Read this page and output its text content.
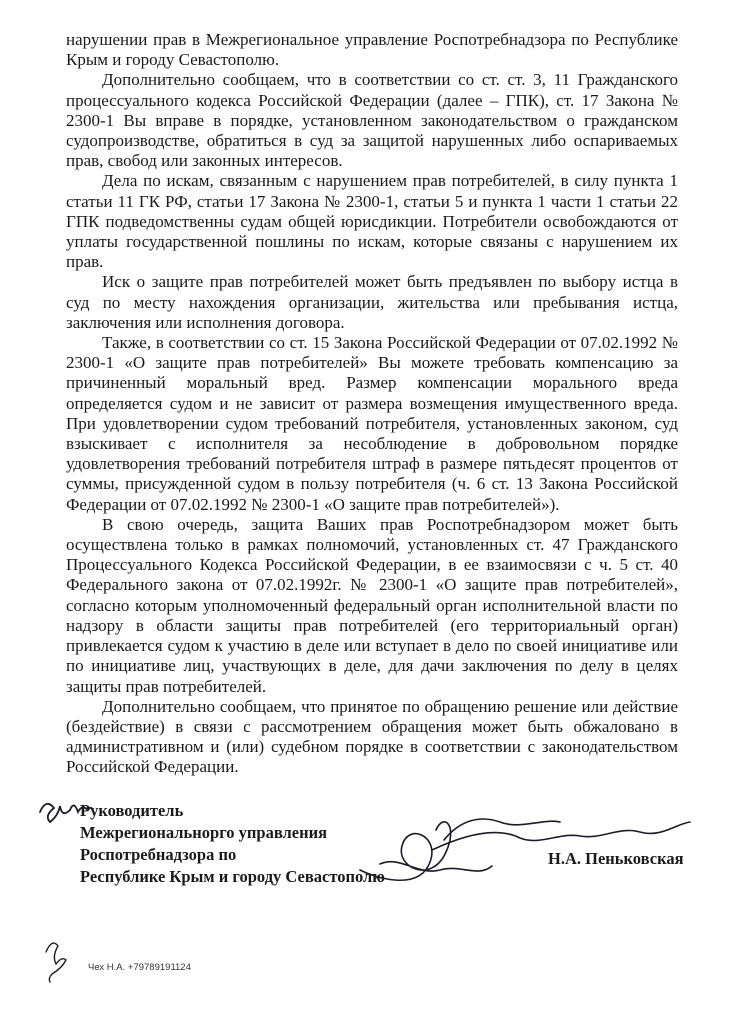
нарушении прав в Межрегиональное управление Роспотребнадзора по Республике Крым и городу Севастополю.

Дополнительно сообщаем, что в соответствии со ст. ст. 3, 11 Гражданского процессуального кодекса Российской Федерации (далее – ГПК), ст. 17 Закона № 2300-1 Вы вправе в порядке, установленном законодательством о гражданском судопроизводстве, обратиться в суд за защитой нарушенных либо оспариваемых прав, свобод или законных интересов.

Дела по искам, связанным с нарушением прав потребителей, в силу пункта 1 статьи 11 ГК РФ, статьи 17 Закона № 2300-1, статьи 5 и пункта 1 части 1 статьи 22 ГПК подведомственны судам общей юрисдикции. Потребители освобождаются от уплаты государственной пошлины по искам, которые связаны с нарушением их прав.

Иск о защите прав потребителей может быть предъявлен по выбору истца в суд по месту нахождения организации, жительства или пребывания истца, заключения или исполнения договора.

Также, в соответствии со ст. 15 Закона Российской Федерации от 07.02.1992 № 2300-1 «О защите прав потребителей» Вы можете требовать компенсацию за причиненный моральный вред. Размер компенсации морального вреда определяется судом и не зависит от размера возмещения имущественного вреда. При удовлетворении судом требований потребителя, установленных законом, суд взыскивает с исполнителя за несоблюдение в добровольном порядке удовлетворения требований потребителя штраф в размере пятьдесят процентов от суммы, присужденной судом в пользу потребителя (ч. 6 ст. 13 Закона Российской Федерации от 07.02.1992 № 2300-1 «О защите прав потребителей»).

В свою очередь, защита Ваших прав Роспотребнадзором может быть осуществлена только в рамках полномочий, установленных ст. 47 Гражданского Процессуального Кодекса Российской Федерации, в ее взаимосвязи с ч. 5 ст. 40 Федерального закона от 07.02.1992г. № 2300-1 «О защите прав потребителей», согласно которым уполномоченный федеральный орган исполнительной власти по надзору в области защиты прав потребителей (его территориальный орган) привлекается судом к участию в деле или вступает в дело по своей инициативе или по инициативе лиц, участвующих в деле, для дачи заключения по делу в целях защиты прав потребителей.

Дополнительно сообщаем, что принятое по обращению решение или действие (бездействие) в связи с рассмотрением обращения может быть обжаловано в административном и (или) судебном порядке в соответствии с законодательством Российской Федерации.

Руководитель
Межрегиональнорго управления
Роспотребнадзора по
Республике Крым и городу Севастополю
Н.А. Пеньковская
Чех Н.А. +79789191124
